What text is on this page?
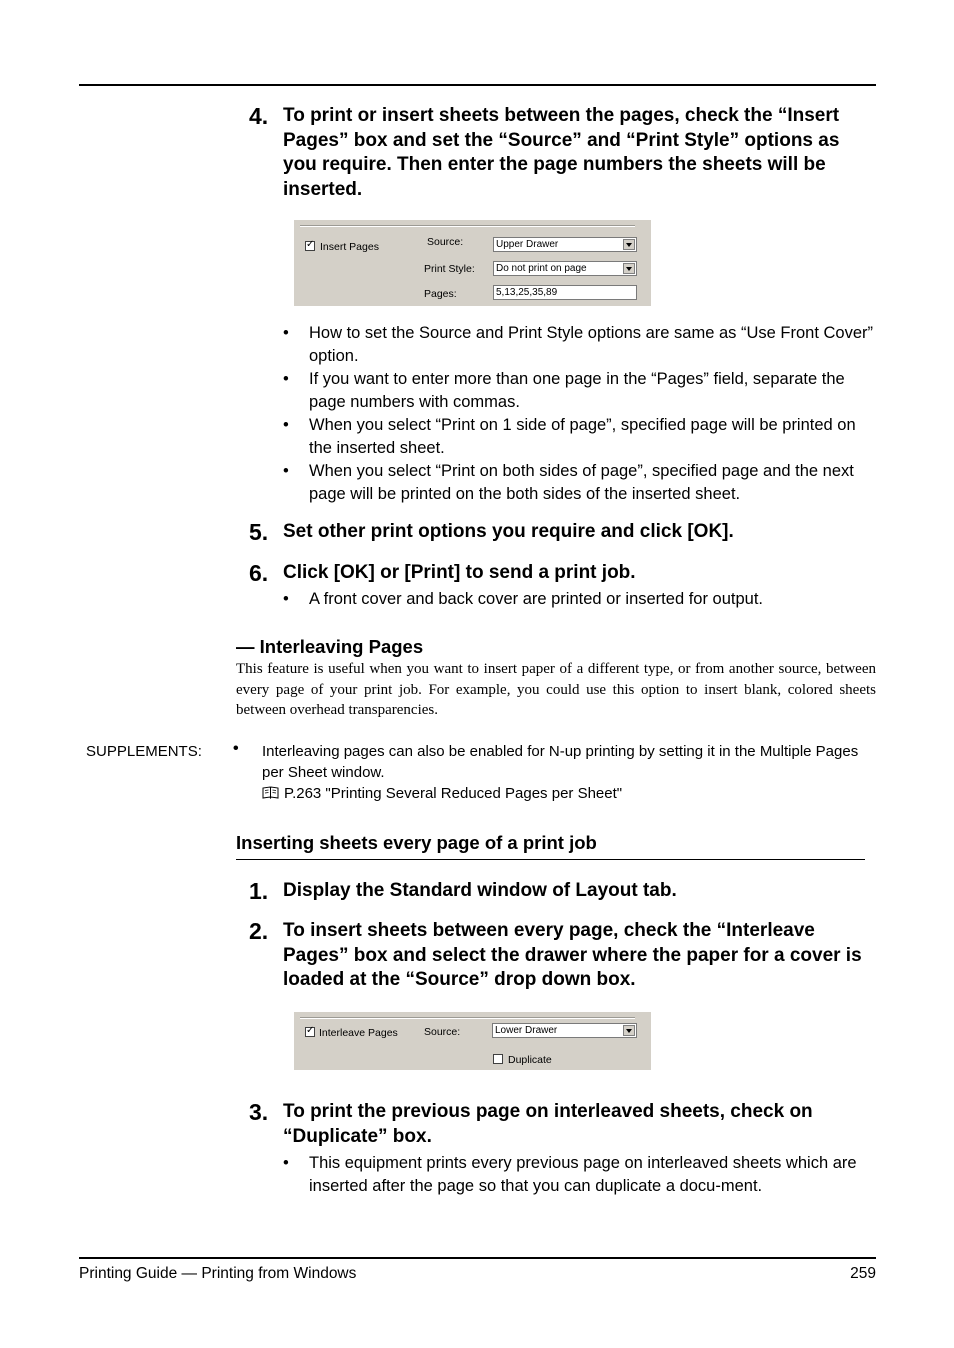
4. To print or insert sheets between the pages, check the “Insert Pages” box and set the “Source” and “Print Style” options as you require. Then enter the page numbers the sheets will be inserted.
✓ Insert Pages	Source:	Upper Drawer
Print Style: Do not print on page
Pages:	5,13,25,35,89
• How to set the Source and Print Style options are same as “Use Front Cover” option.
• If you want to enter more than one page in the “Pages” field, separate the page numbers with commas.
• When you select “Print on 1 side of page”, specified page will be printed on the inserted sheet.
• When you select “Print on both sides of page”, specified page and the next page will be printed on the both sides of the inserted sheet.
5. Set other print options you require and click [OK].
6. Click [OK] or [Print] to send a print job.
• A front cover and back cover are printed or inserted for output.
— Interleaving Pages
This feature is useful when you want to insert paper of a different type, or from another source, between every page of your print job. For example, you could use this option to insert blank, colored sheets between overhead transparencies.
SUPPLEMENTS: • Interleaving pages can also be enabled for N-up printing by setting it in the Multiple Pages per Sheet window.
P.263 "Printing Several Reduced Pages per Sheet"
Inserting sheets every page of a print job
1. Display the Standard window of Layout tab.
2. To insert sheets between every page, check the “Interleave Pages” box and select the drawer where the paper for a cover is loaded at the “Source” drop down box.
✓ Interleave Pages Source:	Lower Drawer
Duplicate
3. To print the previous page on interleaved sheets, check on “Duplicate” box.
• This equipment prints every previous page on interleaved sheets which are inserted after the page so that you can duplicate a docu-ment.
Printing Guide — Printing from Windows	259
